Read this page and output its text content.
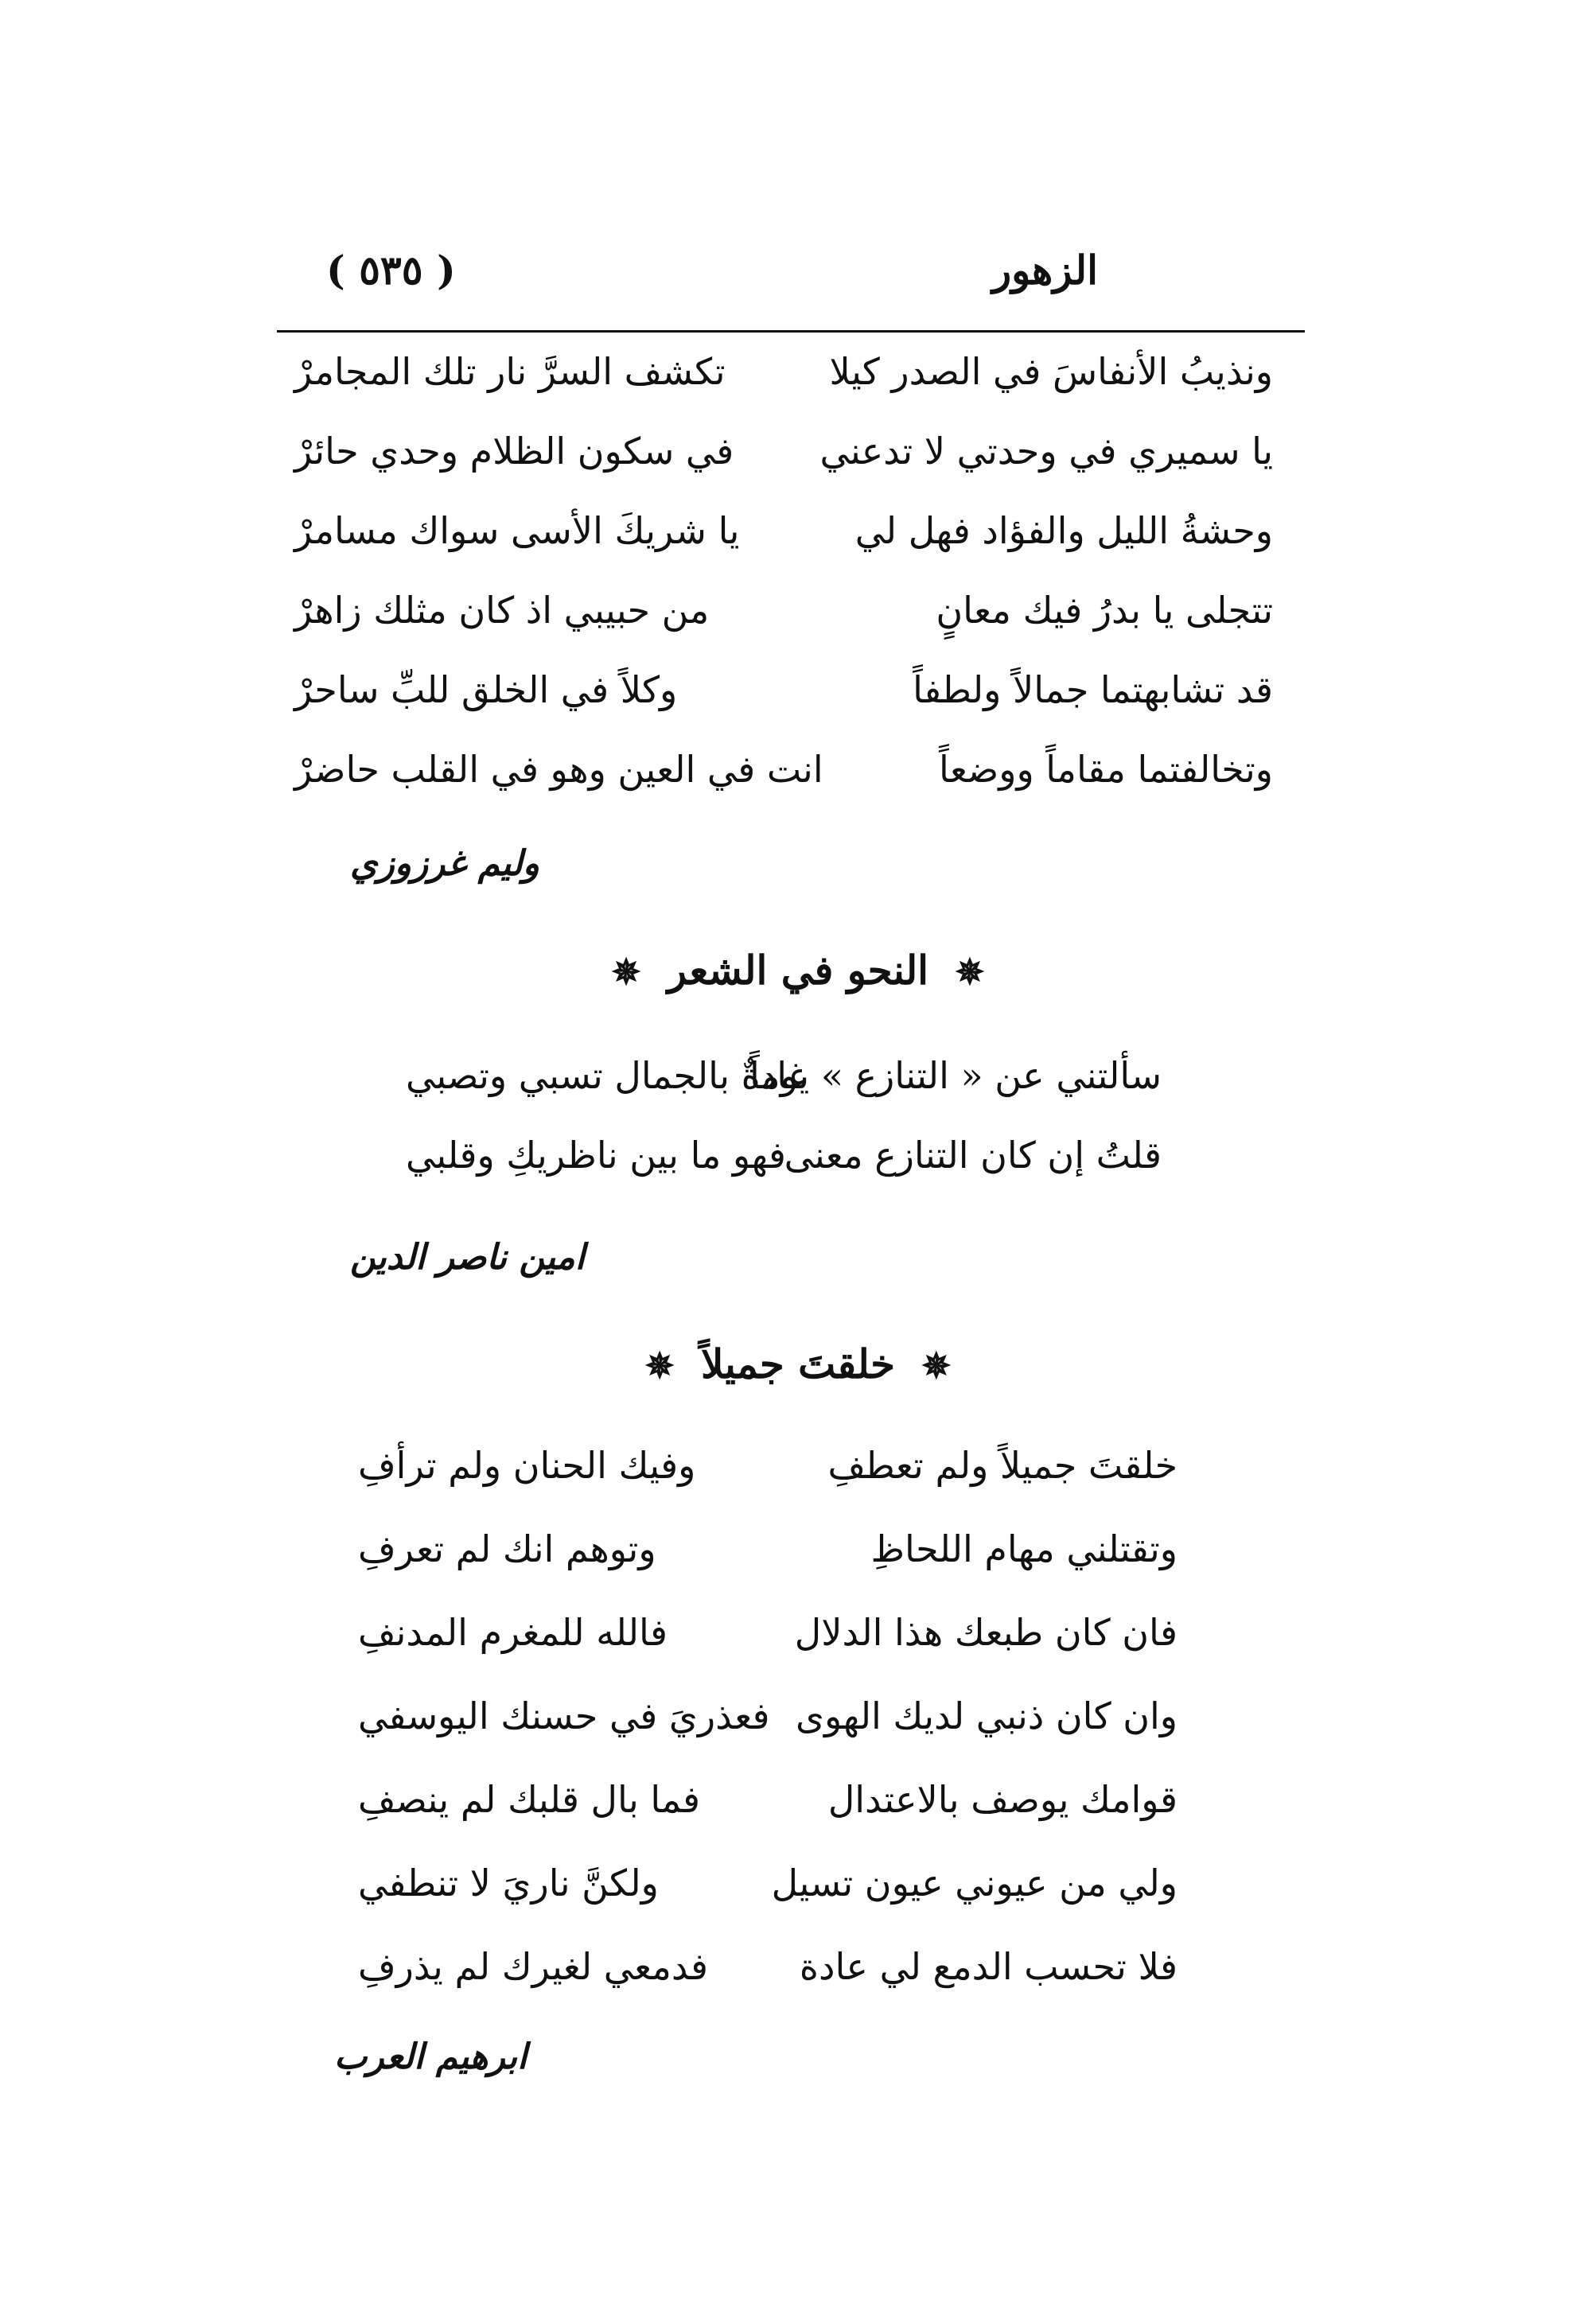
الزهور
( ٥٣٥ )
ونذيبُ الأنفاسَ في الصدر كيلا
تكشف السرَّ نار تلك المجامرْ
يا سميري في وحدتي لا تدعني
في سكون الظلام وحدي حائرْ
وحشةُ الليل والفؤاد فهل لي
يا شريكَ الأسى سواك مسامرْ
تتجلى يا بدرُ فيك معانٍ
من حبيبي اذ كان مثلك زاهرْ
قد تشابهتما جمالاً ولطفاً
وكلاً في الخلق للبِّ ساحرْ
وتخالفتما مقاماً ووضعاً
انت في العين وهو في القلب حاضرْ
وليم غرزوزي
✵ النحو في الشعر ✵
سألتني عن « التنازع » يوماً
غادةٌ بالجمال تسبي وتصبي
قلتُ إن كان التنازع معنى
فهو ما بين ناظريكِ وقلبي
امين ناصر الدين
✵ خلقتَ جميلاً ✵
خلقتَ جميلاً ولم تعطفِ
وفيك الحنان ولم ترأفِ
وتقتلني مهام اللحاظِ
وتوهم انك لم تعرفِ
فان كان طبعك هذا الدلال
فالله للمغرم المدنفِ
وان كان ذنبي لديك الهوى
فعذريَ في حسنك اليوسفي
قوامك يوصف بالاعتدال
فما بال قلبك لم ينصفِ
ولي من عيوني عيون تسيل
ولكنَّ ناريَ لا تنطفي
فلا تحسب الدمع لي عادة
فدمعي لغيرك لم يذرفِ
ابرهيم العرب
